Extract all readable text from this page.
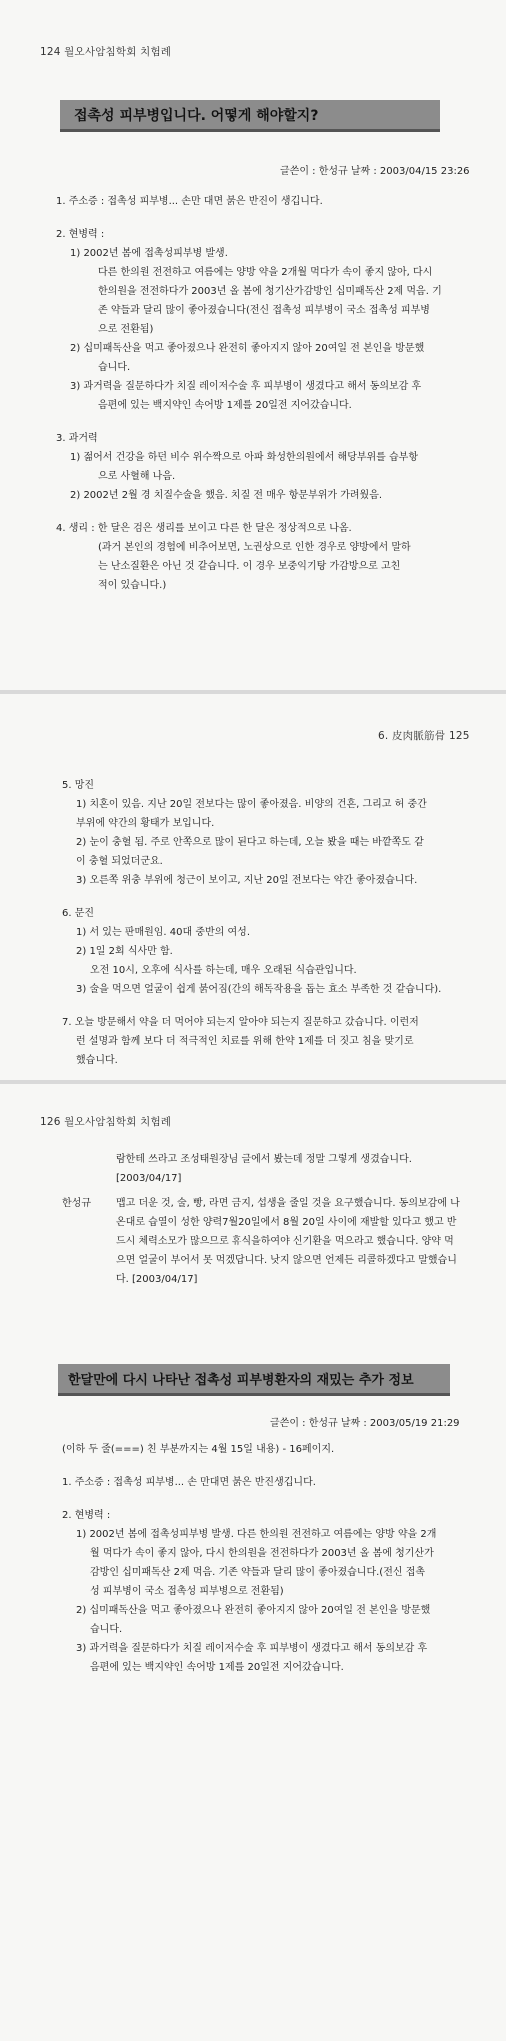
124 월오사암침학회 치험례
접촉성 피부병입니다. 어떻게 해야할지?
글쓴이 : 한성규 날짜 : 2003/04/15 23:26

1. 주소증 : 접촉성 피부병... 손만 대면 붉은 반진이 생깁니다.

2. 현병력 :

1) 2002년 봄에 접촉성피부병 발생.

다른 한의원 전전하고 여름에는 양방 약을 2개월 먹다가 속이 좋지 않아, 다시

한의원을 전전하다가 2003년 올 봄에 청기산가감방인 십미패독산 2제 먹음. 기

존 약들과 달리 많이 좋아졌습니다(전신 접촉성 피부병이 국소 접촉성 피부병

으로 전환됨)

2) 십미패독산을 먹고 좋아졌으나 완전히 좋아지지 않아 20여일 전 본인을 방문했

습니다.

3) 과거력을 질문하다가 치질 레이저수술 후 피부병이 생겼다고 해서 동의보감 후

음편에 있는 백지약인 속어방 1제를 20일전 지어갔습니다.

3. 과거력

1) 젊어서 건강을 하던 비수 위수짝으로 아파 화성한의원에서 해당부위를 습부항

으로 사혈해 나음.

2) 2002년 2월 경 치질수술을 했음. 치질 전 매우 항문부위가 가려웠음.

4. 생리 : 한 달은 검은 생리를 보이고 다른 한 달은 정상적으로 나옴.

(과거 본인의 경험에 비추어보면, 노권상으로 인한 경우로 양방에서 말하

는 난소질환은 아닌 것 같습니다. 이 경우 보중익기탕 가감방으로 고친

적이 있습니다.)

6. 皮肉脈筋骨 125

5. 망진

1) 치혼이 있음. 지난 20일 전보다는 많이 좋아졌음. 비양의 건흔, 그리고 허 중간

부위에 약간의 황태가 보입니다.

2) 눈이 충혈 됨. 주로 안쪽으로 많이 된다고 하는데, 오늘 봤을 때는 바깥쪽도 같

이 충혈 되었더군요.

3) 오른쪽 위충 부위에 청근이 보이고, 지난 20일 전보다는 약간 좋아졌습니다.

6. 문진

1) 서 있는 판매원임. 40대 중반의 여성.

2) 1일 2회 식사만 함.

오전 10시, 오후에 식사를 하는데, 매우 오래된 식습관입니다.

3) 술을 먹으면 얼굴이 쉽게 붉어짐(간의 해독작용을 돕는 효소 부족한 것 같습니다).

7. 오늘 방문해서 약을 더 먹어야 되는지 알아야 되는지 질문하고 갔습니다. 이런저

런 설명과 함께 보다 더 적극적인 치료를 위해 한약 1제를 더 짓고 침을 맞기로

했습니다.

126 월오사암침학회 치험례

람한테 쓰라고 조성태원장님 글에서 봤는데 정말 그렇게 생겼습니다.

[2003/04/17]

한성규	맵고 더운 것, 술, 빵, 라면 금지, 섭생을 줄일 것을 요구했습니다. 동의보감에 나온대로 습열이 성한 양력7월20일에서 8월 20일 사이에 재발할 있다고 했고 반드시 체력소모가 많으므로 휴식을하여야 신기환을 먹으라고 했습니다. 양약 먹으면 얼굴이 부어서 못 먹겠답니다. 낫지 않으면 언제든 리콜하겠다고 말했습니다. [2003/04/17]
한달만에 다시 나타난 접촉성 피부병환자의 재밌는 추가 정보
글쓴이 : 한성규 날짜 : 2003/05/19 21:29

(이하 두 줄(===) 친 부분까지는 4월 15일 내용) - 16페이지.

1. 주소증 : 접촉성 피부병... 손 만대면 붉은 반진생깁니다.

2. 현병력 :

1) 2002년 봄에 접촉성피부병 발생. 다른 한의원 전전하고 여름에는 양방 약을 2개

월 먹다가 속이 좋지 않아, 다시 한의원을 전전하다가 2003년 올 봄에 청기산가

감방인 십미패독산 2제 먹음. 기존 약들과 달리 많이 좋아졌습니다.(전신 접촉

성 피부병이 국소 접촉성 피부병으로 전환됨)

2) 십미패독산을 먹고 좋아졌으나 완전히 좋아지지 않아 20여일 전 본인을 방문했

습니다.

3) 과거력을 질문하다가 치질 레이저수술 후 피부병이 생겼다고 해서 동의보감 후

음편에 있는 백지약인 속어방 1제를 20일전 지어갔습니다.
